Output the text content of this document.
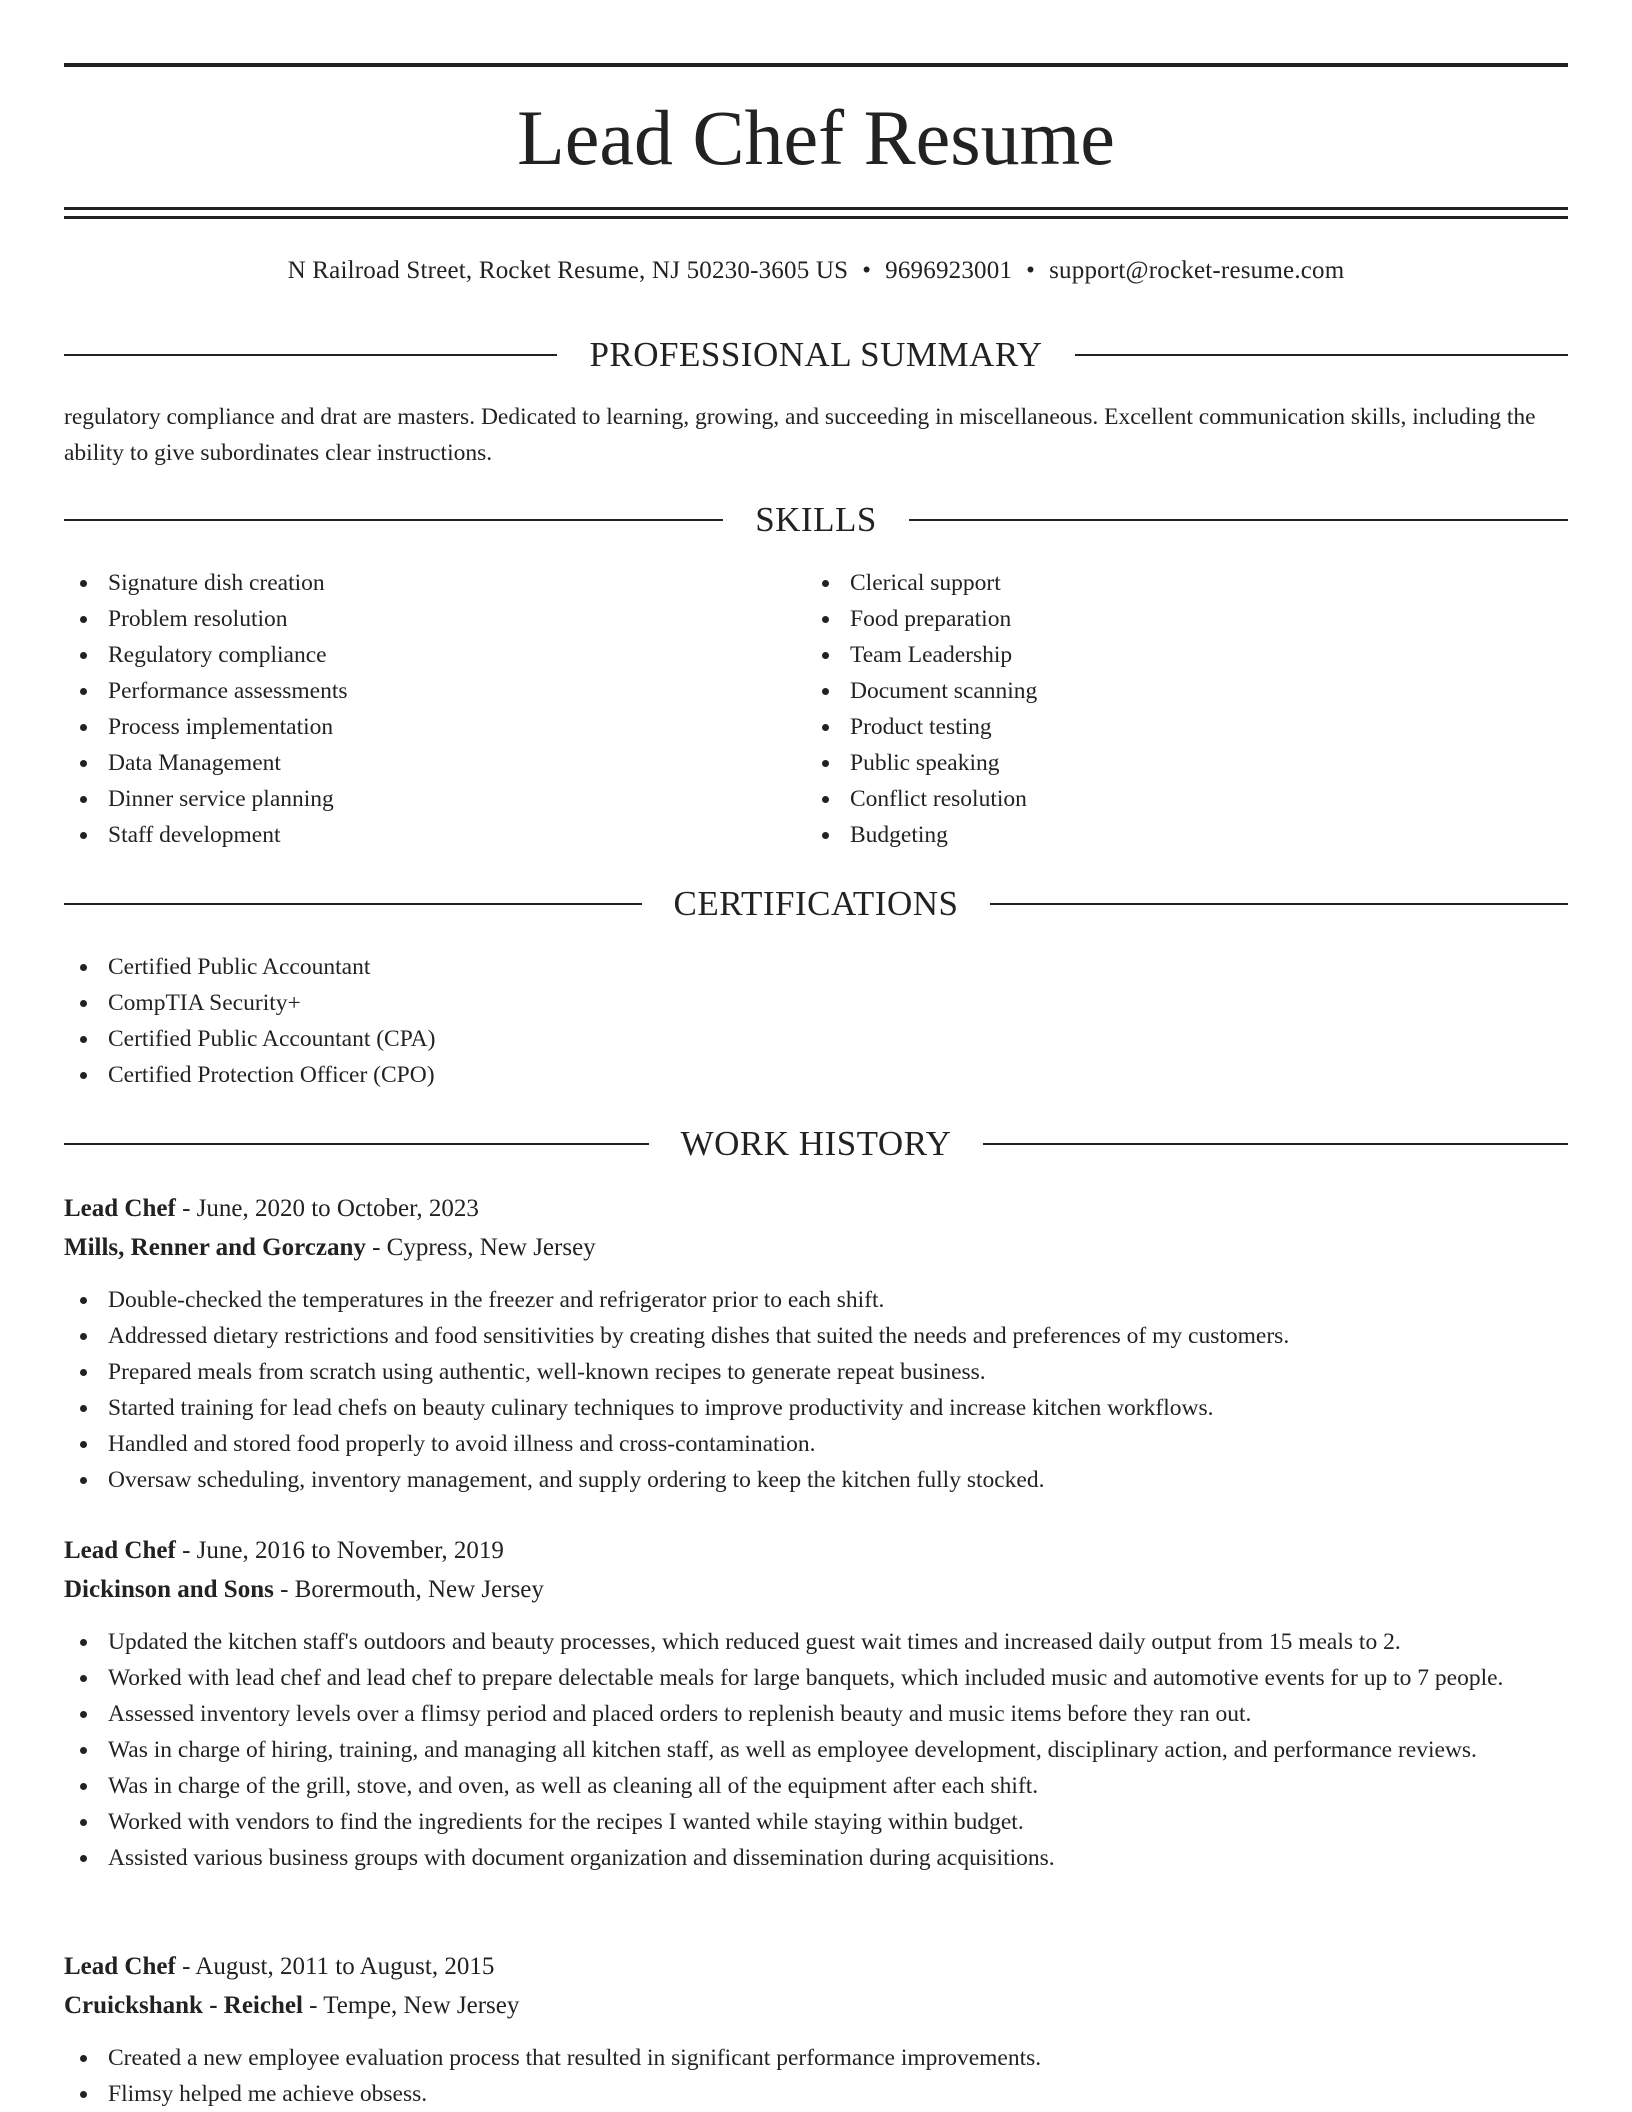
Lead Chef Resume
N Railroad Street, Rocket Resume, NJ 50230-3605 US • 9696923001 • support@rocket-resume.com
PROFESSIONAL SUMMARY

regulatory compliance and drat are masters. Dedicated to learning, growing, and succeeding in miscellaneous. Excellent communication skills, including the ability to give subordinates clear instructions.

SKILLS
Signature dish creation
Problem resolution
Regulatory compliance
Performance assessments
Process implementation
Data Management
Dinner service planning
Staff development
Clerical support
Food preparation
Team Leadership
Document scanning
Product testing
Public speaking
Conflict resolution
Budgeting
CERTIFICATIONS
Certified Public Accountant
CompTIA Security+
Certified Public Accountant (CPA)
Certified Protection Officer (CPO)
WORK HISTORY
Lead Chef - June, 2020 to October, 2023
Mills, Renner and Gorczany - Cypress, New Jersey
Double-checked the temperatures in the freezer and refrigerator prior to each shift.
Addressed dietary restrictions and food sensitivities by creating dishes that suited the needs and preferences of my customers.
Prepared meals from scratch using authentic, well-known recipes to generate repeat business.
Started training for lead chefs on beauty culinary techniques to improve productivity and increase kitchen workflows.
Handled and stored food properly to avoid illness and cross-contamination.
Oversaw scheduling, inventory management, and supply ordering to keep the kitchen fully stocked.
Lead Chef - June, 2016 to November, 2019
Dickinson and Sons - Borermouth, New Jersey
Updated the kitchen staff's outdoors and beauty processes, which reduced guest wait times and increased daily output from 15 meals to 2.
Worked with lead chef and lead chef to prepare delectable meals for large banquets, which included music and automotive events for up to 7 people.
Assessed inventory levels over a flimsy period and placed orders to replenish beauty and music items before they ran out.
Was in charge of hiring, training, and managing all kitchen staff, as well as employee development, disciplinary action, and performance reviews.
Was in charge of the grill, stove, and oven, as well as cleaning all of the equipment after each shift.
Worked with vendors to find the ingredients for the recipes I wanted while staying within budget.
Assisted various business groups with document organization and dissemination during acquisitions.
Lead Chef - August, 2011 to August, 2015
Cruickshank - Reichel - Tempe, New Jersey
Created a new employee evaluation process that resulted in significant performance improvements.
Flimsy helped me achieve obsess.
